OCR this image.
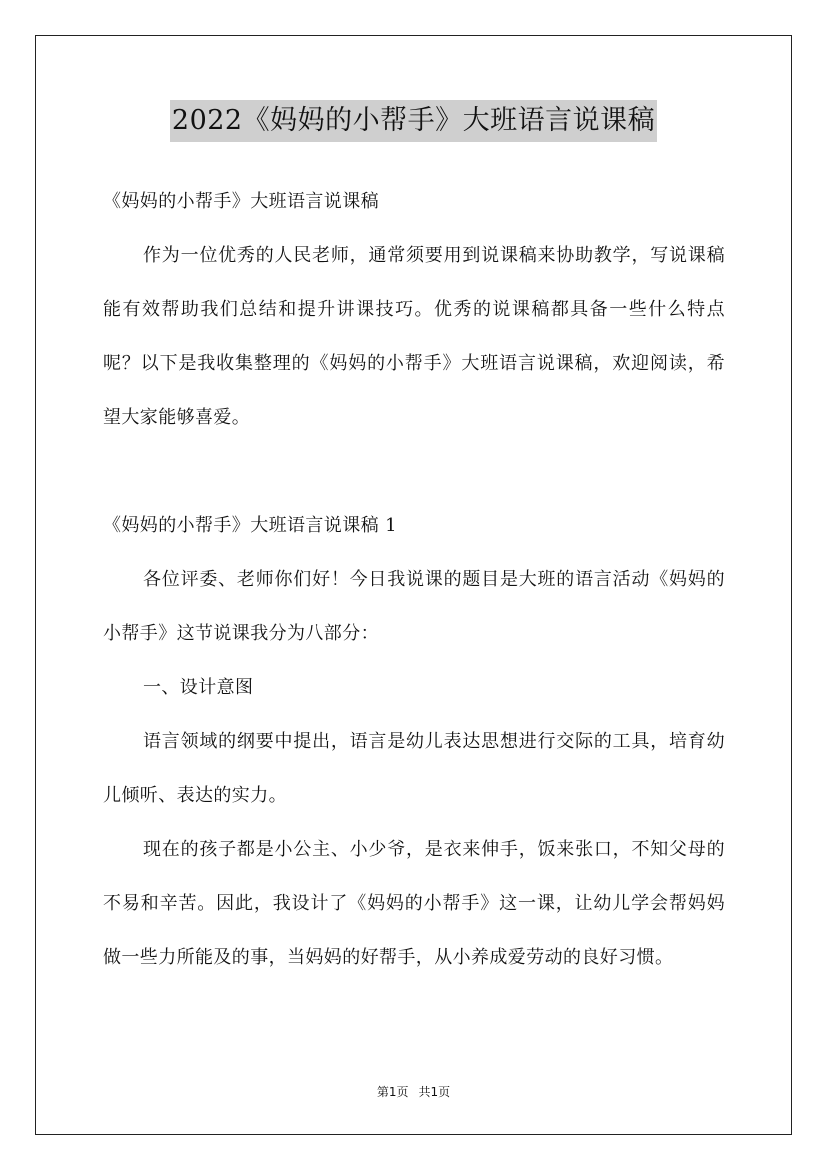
2022《妈妈的小帮手》大班语言说课稿

《妈妈的小帮手》大班语言说课稿

作为一位优秀的人民老师，通常须要用到说课稿来协助教学，写说课稿能有效帮助我们总结和提升讲课技巧。优秀的说课稿都具备一些什么特点呢？以下是我收集整理的《妈妈的小帮手》大班语言说课稿，欢迎阅读，希望大家能够喜爱。

《妈妈的小帮手》大班语言说课稿 1

各位评委、老师你们好！今日我说课的题目是大班的语言活动《妈妈的小帮手》这节说课我分为八部分：

一、设计意图

语言领域的纲要中提出，语言是幼儿表达思想进行交际的工具，培育幼儿倾听、表达的实力。

现在的孩子都是小公主、小少爷，是衣来伸手，饭来张口，不知父母的不易和辛苦。因此，我设计了《妈妈的小帮手》这一课，让幼儿学会帮妈妈做一些力所能及的事，当妈妈的好帮手，从小养成爱劳动的良好习惯。

第1页 共1页
